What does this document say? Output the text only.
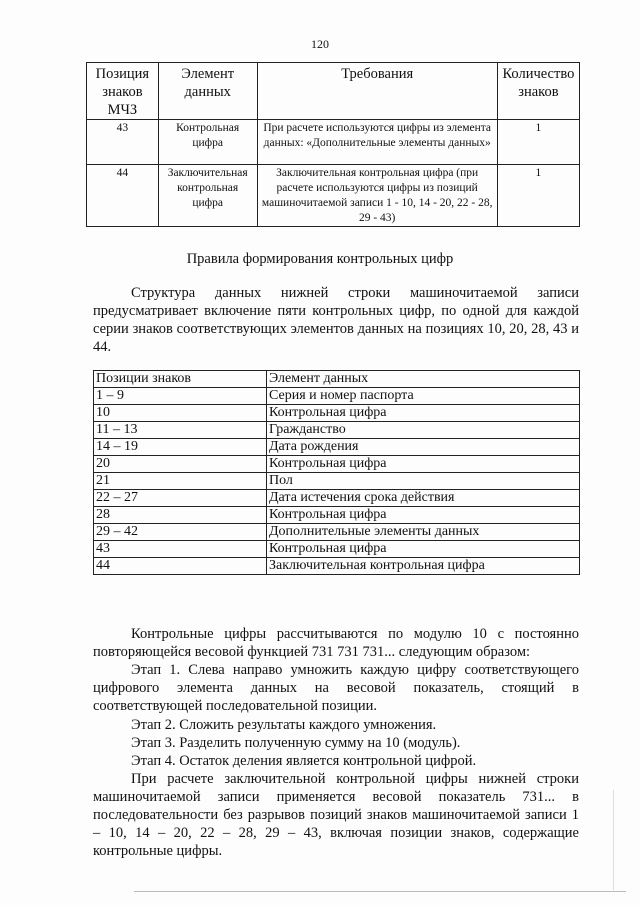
120
Позиция знаков МЧЗ	Элемент данных	Требования	Количество знаков
43	Контрольная цифра	При расчете используются цифры из элемента данных: «Дополнительные элементы данных»	1
44	Заключительная контрольная цифра	Заключительная контрольная цифра (при расчете используются цифры из позиций машиночитаемой записи 1 - 10, 14 - 20, 22 - 28, 29 - 43)	1
Правила формирования контрольных цифр
Структура данных нижней строки машиночитаемой записи предусматривает включение пяти контрольных цифр, по одной для каждой серии знаков соответствующих элементов данных на позициях 10, 20, 28, 43 и 44.
Позиции знаков	Элемент данных
1 – 9	Серия и номер паспорта
10	Контрольная цифра
11 – 13	Гражданство
14 – 19	Дата рождения
20	Контрольная цифра
21	Пол
22 – 27	Дата истечения срока действия
28	Контрольная цифра
29 – 42	Дополнительные элементы данных
43	Контрольная цифра
44	Заключительная контрольная цифра
Контрольные цифры рассчитываются по модулю 10 с постоянно повторяющейся весовой функцией 731 731 731... следующим образом:
Этап 1. Слева направо умножить каждую цифру соответствующего цифрового элемента данных на весовой показатель, стоящий в соответствующей последовательной позиции.
Этап 2. Сложить результаты каждого умножения.
Этап 3. Разделить полученную сумму на 10 (модуль).
Этап 4. Остаток деления является контрольной цифрой.
При расчете заключительной контрольной цифры нижней строки машиночитаемой записи применяется весовой показатель 731... в последовательности без разрывов позиций знаков машиночитаемой записи 1 – 10, 14 – 20, 22 – 28, 29 – 43, включая позиции знаков, содержащие контрольные цифры.
